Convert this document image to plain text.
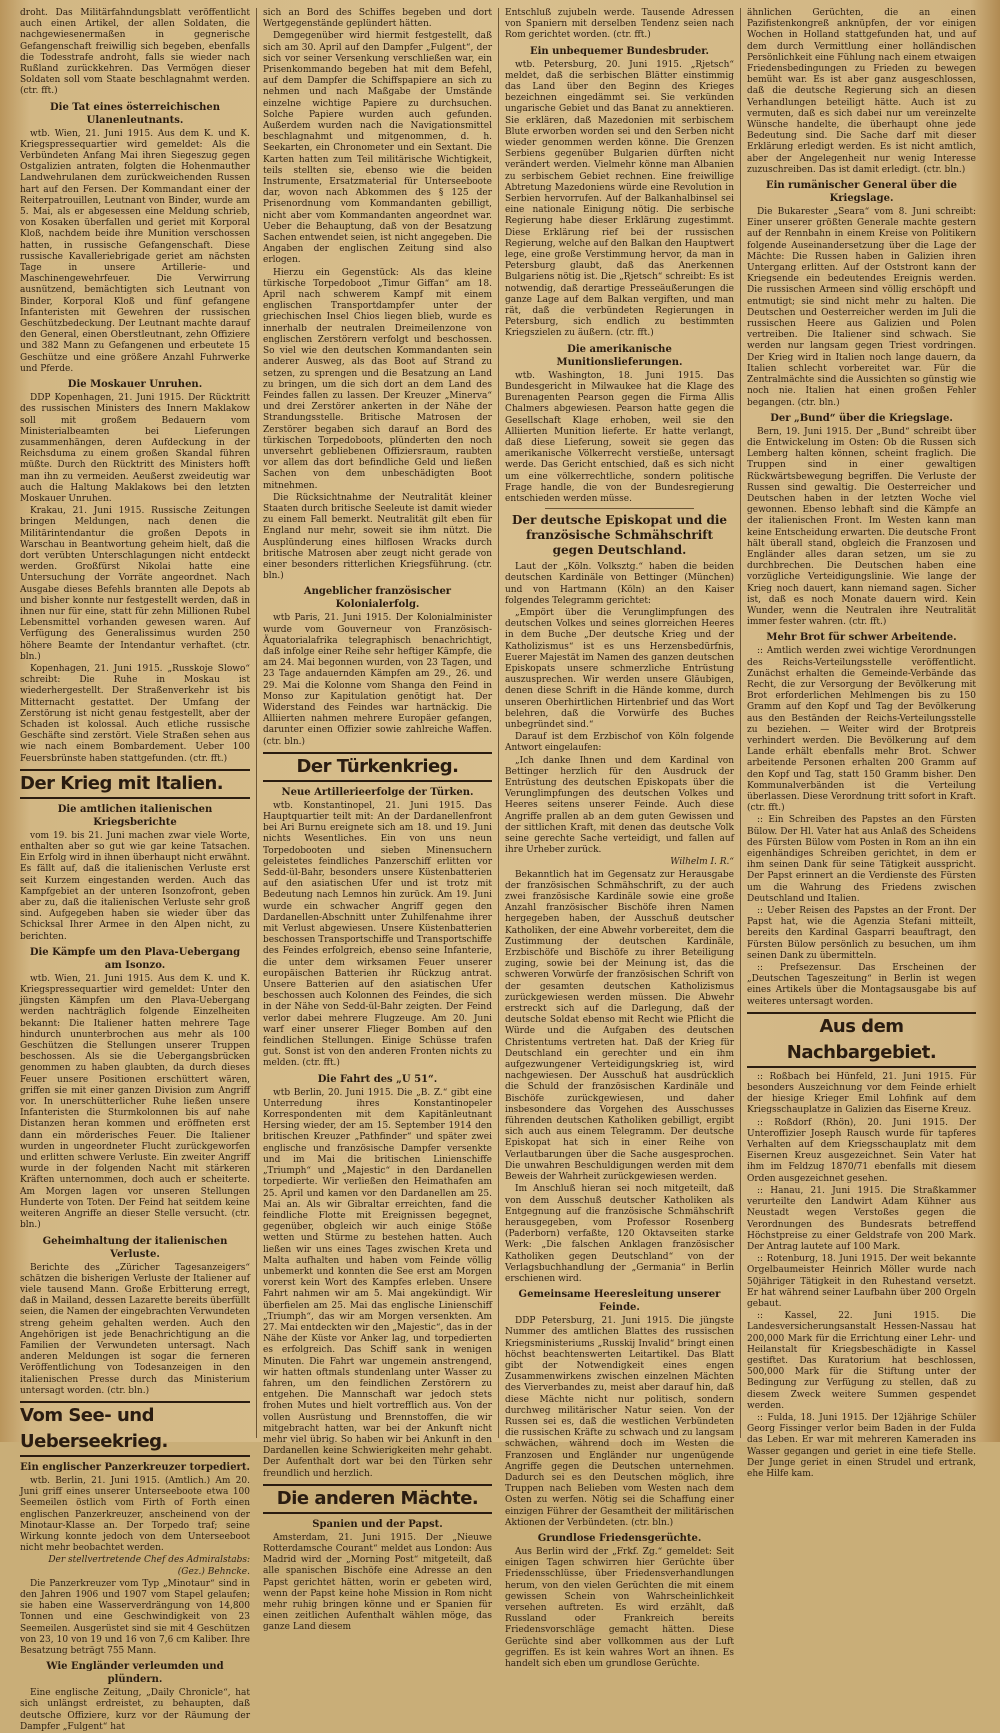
droht. Das Militärfahndungsblatt veröffentlicht auch einen Artikel, der allen Soldaten, die nachgewiesenermaßen in gegnerische Gefangenschaft freiwillig sich begeben, ebenfalls die Todesstrafe androht, falls sie wieder nach Rußland zurückkehren. Das Vermögen dieser Soldaten soll vom Staate beschlagnahmt werden. (ctr. fft.)

Die Tat eines österreichischen Ulanenleutnants.

wtb. Wien, 21. Juni 1915. Aus dem K. und K. Kriegspressequartier wird gemeldet: Als die Verbündeten Anfang Mai ihren Siegeszug gegen Ostgalizien antraten, folgten die Hohenmauther Landwehrulanen dem zurückweichenden Russen hart auf den Fersen. Der Kommandant einer der Reiterpatrouillen, Leutnant von Binder, wurde am 5. Mai, als er abgesessen eine Meldung schrieb, von Kosaken überfallen und geriet mit Korporal Kloß, nachdem beide ihre Munition verschossen hatten, in russische Gefangenschaft. Diese russische Kavalleriebrigade geriet am nächsten Tage in unsere Artillerie- und Maschinengewehrfeuer. Die Verwirrung ausnützend, bemächtigten sich Leutnant von Binder, Korporal Kloß und fünf gefangene Infanteristen mit Gewehren der russischen Geschützbedeckung. Der Leutnant machte darauf den General, einen Oberstleutnant, zehn Offiziere und 382 Mann zu Gefangenen und erbeutete 15 Geschütze und eine größere Anzahl Fuhrwerke und Pferde.

Die Moskauer Unruhen.

DDP Kopenhagen, 21. Juni 1915. Der Rücktritt des russischen Ministers des Innern Maklakow soll mit großem Bedauern vom Ministerialbeamten bei Lieferungen zusammenhängen, deren Aufdeckung in der Reichsduma zu einem großen Skandal führen müßte. Durch den Rücktritt des Ministers hofft man ihn zu vermeiden. Aeußerst zweideutig war auch die Haltung Maklakows bei den letzten Moskauer Unruhen.

Krakau, 21. Juni 1915. Russische Zeitungen bringen Meldungen, nach denen die Militärintendantur die großen Depots in Warschau in Beantwortung geheim hielt, daß die dort verübten Unterschlagungen nicht entdeckt werden. Großfürst Nikolai hatte eine Untersuchung der Vorräte angeordnet. Nach Ausgabe dieses Befehls brannten alle Depots ab und bisher konnte nur festgestellt werden, daß in ihnen nur für eine, statt für zehn Millionen Rubel Lebensmittel vorhanden gewesen waren. Auf Verfügung des Generalissimus wurden 250 höhere Beamte der Intendantur verhaftet. (ctr. bln.)

Kopenhagen, 21. Juni 1915. „Russkoje Slowo“ schreibt: Die Ruhe in Moskau ist wiederhergestellt. Der Straßenverkehr ist bis Mitternacht gestattet. Der Umfang der Zerstörung ist nicht genau festgestellt, aber der Schaden ist kolossal. Auch etliche russische Geschäfte sind zerstört. Viele Straßen sehen aus wie nach einem Bombardement. Ueber 100 Feuersbrünste haben stattgefunden. (ctr. fft.)

Der Krieg mit Italien.
Die amtlichen italienischen Kriegsberichte

vom 19. bis 21. Juni machen zwar viele Worte, enthalten aber so gut wie gar keine Tatsachen. Ein Erfolg wird in ihnen überhaupt nicht erwähnt. Es fällt auf, daß die italienischen Verluste erst seit Kurzem eingestanden werden. Auch das Kampfgebiet an der unteren Isonzofront, geben aber zu, daß die italienischen Verluste sehr groß sind. Aufgegeben haben sie wieder über das Schicksal Ihrer Armee in den Alpen nicht, zu berichten.

Die Kämpfe um den Plava-Uebergang am Isonzo.

wtb. Wien, 21. Juni 1915. Aus dem K. und K. Kriegspressequartier wird gemeldet: Unter den jüngsten Kämpfen um den Plava-Uebergang werden nachträglich folgende Einzelheiten bekannt: Die Italiener hatten mehrere Tage hindurch ununterbrochen aus mehr als 100 Geschützen die Stellungen unserer Truppen beschossen. Als sie die Uebergangsbrücken genommen zu haben glaubten, da durch dieses Feuer unsere Positionen erschüttert wären, griffen sie mit einer ganzen Division zum Angriff vor. In unerschütterlicher Ruhe ließen unsere Infanteristen die Sturmkolonnen bis auf nahe Distanzen heran kommen und eröffneten erst dann ein mörderisches Feuer. Die Italiener wurden in ungeordneter Flucht zurückgeworfen und erlitten schwere Verluste. Ein zweiter Angriff wurde in der folgenden Nacht mit stärkeren Kräften unternommen, doch auch er scheiterte. Am Morgen lagen vor unseren Stellungen Hunderte von Toten. Der Feind hat seitdem keine weiteren Angriffe an dieser Stelle versucht. (ctr. bln.)

Geheimhaltung der italienischen Verluste.

Berichte des „Züricher Tagesanzeigers“ schätzen die bisherigen Verluste der Italiener auf viele tausend Mann. Große Erbitterung erregt, daß in Mailand, dessen Lazarette bereits überfüllt seien, die Namen der eingebrachten Verwundeten streng geheim gehalten werden. Auch den Angehörigen ist jede Benachrichtigung an die Familien der Verwundeten untersagt. Nach anderen Meldungen ist sogar die ferneren Veröffentlichung von Todesanzeigen in den italienischen Presse durch das Ministerium untersagt worden. (ctr. bln.)

Vom See- und Ueberseekrieg.
Ein englischer Panzerkreuzer torpediert.

wtb. Berlin, 21. Juni 1915. (Amtlich.) Am 20. Juni griff eines unserer Unterseeboote etwa 100 Seemeilen östlich vom Firth of Forth einen englischen Panzerkreuzer, anscheinend von der Minotaur-Klasse an. Der Torpedo traf; seine Wirkung konnte jedoch von dem Unterseeboot nicht mehr beobachtet werden.

Der stellvertretende Chef des Admiralstabs: (Gez.) Behncke.

Die Panzerkreuzer vom Typ „Minotaur“ sind in den Jahren 1906 und 1907 vom Stapel gelaufen; sie haben eine Wasserverdrängung von 14,800 Tonnen und eine Geschwindigkeit von 23 Seemeilen. Ausgerüstet sind sie mit 4 Geschützen von 23, 10 von 19 und 16 von 7,6 cm Kaliber. Ihre Besatzung beträgt 755 Mann.

Wie Engländer verleumden und plündern.

Eine englische Zeitung, „Daily Chronicle“, hat sich unlängst erdreistet, zu behaupten, daß deutsche Offiziere, kurz vor der Räumung der Dampfer „Fulgent“ hat

sich an Bord des Schiffes begeben und dort Wertgegenstände geplündert hätten.

Demgegenüber wird hiermit festgestellt, daß sich am 30. April auf den Dampfer „Fulgent“, der sich vor seiner Versenkung verschließen war, ein Prisenkommando begeben hat mit dem Befehl, auf dem Dampfer die Schiffspapiere an sich zu nehmen und nach Maßgabe der Umstände einzelne wichtige Papiere zu durchsuchen. Solche Papiere wurden auch gefunden. Außerdem wurden nach die Navigationsmittel beschlagnahmt und mitgenommen, d. h. Seekarten, ein Chronometer und ein Sextant. Die Karten hatten zum Teil militärische Wichtigkeit, teils stellten sie, ebenso wie die beiden Instrumente, Ersatzmaterial für Unterseeboote dar, wovon nach Abkommen des § 125 der Prisenordnung vom Kommandanten gebilligt, nicht aber vom Kommandanten angeordnet war. Ueber die Behauptung, daß von der Besatzung Sachen entwendet seien, ist nicht angegeben. Die Angaben der englischen Zeitung sind also erlogen.

Hierzu ein Gegenstück: Als das kleine türkische Torpedoboot „Timur Giffan“ am 18. April nach schwerem Kampf mit einem englischen Transportdampfer unter der griechischen Insel Chios liegen blieb, wurde es innerhalb der neutralen Dreimeilenzone von englischen Zerstörern verfolgt und beschossen. So viel wie den deutschen Kommandanten sein anderer Ausweg, als das Boot auf Strand zu setzen, zu sprengen und die Besatzung an Land zu bringen, um die sich dort an dem Land des Feindes fallen zu lassen. Der Kreuzer „Minerva“ und drei Zerstörer ankerten in der Nähe der Strandungsstelle. Britische Matrosen der Zerstörer begaben sich darauf an Bord des türkischen Torpedoboots, plünderten den noch unversehrt gebliebenen Offiziersraum, raubten vor allem das dort befindliche Geld und ließen Sachen von dem unbeschädigten Boot mitnehmen.

Die Rücksichtnahme der Neutralität kleiner Staaten durch britische Seeleute ist damit wieder zu einem Fall bemerkt. Neutralität gilt eben für England nur mehr, soweit sie ihm nützt. Die Ausplünderung eines hilflosen Wracks durch britische Matrosen aber zeugt nicht gerade von einer besonders ritterlichen Kriegsführung. (ctr. bln.)

Angeblicher französischer Kolonialerfolg.

wtb Paris, 21. Juni 1915. Der Kolonialminister wurde vom Gouverneur von Französisch-Äquatorialafrika telegraphisch benachrichtigt, daß infolge einer Reihe sehr heftiger Kämpfe, die am 24. Mai begonnen wurden, von 23 Tagen, und 23 Tage andauernden Kämpfen am 29., 26. und 29. Mai die Kolonne vom Shanga den Feind in Monso zur Kapitulation genötigt hat. Der Widerstand des Feindes war hartnäckig. Die Alliierten nahmen mehrere Europäer gefangen, darunter einen Offizier sowie zahlreiche Waffen. (ctr. bln.)

Der Türkenkrieg.
Neue Artillerieerfolge der Türken.

wtb. Konstantinopel, 21. Juni 1915. Das Hauptquartier teilt mit: An der Dardanellenfront bei Ari Burnu ereignete sich am 18. und 19. Juni nichts Wesentliches. Ein von uns neun Torpedobooten und sieben Minensuchern geleistetes feindliches Panzerschiff erlitten vor Sedd-ül-Bahr, besonders unsere Küstenbatterien auf den asiatischen Ufer und ist trotz mit Bedeutung nach Lemnos hin zurück. Am 19. Juni wurde ein schwacher Angriff gegen den Dardanellen-Abschnitt unter Zuhilfenahme ihrer mit Verlust abgewiesen. Unsere Küstenbatterien beschossen Transportschiffe und Transportschiffe des Feindes erfolgreich, ebenso seine Infanterie, die unter dem wirksamen Feuer unserer europäischen Batterien ihr Rückzug antrat. Unsere Batterien auf den asiatischen Ufer beschossen auch Kolonnen des Feindes, die sich in der Nähe von Sedd-ül-Bahr zeigten. Der Feind verlor dabei mehrere Flugzeuge. Am 20. Juni warf einer unserer Flieger Bomben auf den feindlichen Stellungen. Einige Schüsse trafen gut. Sonst ist von den anderen Fronten nichts zu melden. (ctr. fft.)

Die Fahrt des „U 51“.

wtb Berlin, 20. Juni 1915. Die „B. Z.“ gibt eine Unterredung ihres Konstantinopeler Korrespondenten mit dem Kapitänleutnant Hersing wieder, der am 15. September 1914 den britischen Kreuzer „Pathfinder“ und später zwei englische und französische Dampfer versenkte und im Mai die britischen Linienschiffe „Triumph“ und „Majestic“ in den Dardanellen torpedierte. Wir verließen den Heimathafen am 25. April und kamen vor den Dardanellen am 25. Mai an. Als wir Gibraltar erreichten, fand die feindliche Flotte mit Ereignissen begegnet, gegenüber, obgleich wir auch einige Stöße wetten und Stürme zu bestehen hatten. Auch ließen wir uns eines Tages zwischen Kreta und Malta aufhalten und haben vom Feinde völlig unbemerkt und konnten die See erst am Morgen vorerst kein Wort des Kampfes erleben. Unsere Fahrt nahmen wir am 5. Mai angekündigt. Wir überfielen am 25. Mai das englische Linienschiff „Triumph“, das wir am Morgen versenkten. Am 27. Mai entdeckten wir den „Majestic“, das in der Nähe der Küste vor Anker lag, und torpedierten es erfolgreich. Das Schiff sank in wenigen Minuten. Die Fahrt war ungemein anstrengend, wir hatten oftmals stundenlang unter Wasser zu fahren, um den feindlichen Zerstörern zu entgehen. Die Mannschaft war jedoch stets frohen Mutes und hielt vortrefflich aus. Von der vollen Ausrüstung und Brennstoffen, die wir mitgebracht hatten, war bei der Ankunft nicht mehr viel übrig. So haben wir bei Ankunft in den Dardanellen keine Schwierigkeiten mehr gehabt. Der Aufenthalt dort war bei den Türken sehr freundlich und herzlich.

Die anderen Mächte.
Spanien und der Papst.

Amsterdam, 21. Juni 1915. Der „Nieuwe Rotterdamsche Courant“ meldet aus London: Aus Madrid wird der „Morning Post“ mitgeteilt, daß alle spanischen Bischöfe eine Adresse an den Papst gerichtet hätten, worin er gebeten wird, wenn der Papst keine hohe Mission in Rom nicht mehr ruhig bringen könne und er Spanien für einen zeitlichen Aufenthalt wählen möge, das ganze Land diesem

Entschluß zujubeln werde. Tausende Adressen von Spaniern mit derselben Tendenz seien nach Rom gerichtet worden. (ctr. fft.)

Ein unbequemer Bundesbruder.

wtb. Petersburg, 20. Juni 1915. „Rjetsch“ meldet, daß die serbischen Blätter einstimmig das Land über den Beginn des Krieges bezeichnen eingedämmt sei. Sie verkünden ungarische Gebiet und das Banat zu annektieren. Sie erklären, daß Mazedonien mit serbischem Blute erworben worden sei und den Serben nicht wieder genommen werden könne. Die Grenzen Serbiens gegenüber Bulgarien dürften nicht verändert werden. Vielmehr könne man Albanien zu serbischem Gebiet rechnen. Eine freiwillige Abtretung Mazedoniens würde eine Revolution in Serbien hervorrufen. Auf der Balkanhalbinsel sei eine nationale Einigung nötig. Die serbische Regierung habe dieser Erklärung zugestimmt. Diese Erklärung rief bei der russischen Regierung, welche auf den Balkan den Hauptwert lege, eine große Verstimmung hervor, da man in Petersburg glaubt, daß das Anerkennen Bulgariens nötig ist. Die „Rjetsch“ schreibt: Es ist notwendig, daß derartige Presseäußerungen die ganze Lage auf dem Balkan vergiften, und man rät, daß die verbündeten Regierungen in Petersburg, sich endlich zu bestimmten Kriegszielen zu äußern. (ctr. fft.)

Die amerikanische Munitionslieferungen.

wtb. Washington, 18. Juni 1915. Das Bundesgericht in Milwaukee hat die Klage des Burenagenten Pearson gegen die Firma Allis Chalmers abgewiesen. Pearson hatte gegen die Gesellschaft Klage erhoben, weil sie den Alliierten Munition lieferte. Er hatte verlangt, daß diese Lieferung, soweit sie gegen das amerikanische Völkerrecht verstieße, untersagt werde. Das Gericht entschied, daß es sich nicht um eine völkerrechtliche, sondern politische Frage handle, die von der Bundesregierung entschieden werden müsse.

Der deutsche Episkopat und die französische Schmähschrift gegen Deutschland.

Laut der „Köln. Volksztg.“ haben die beiden deutschen Kardinäle von Bettinger (München) und von Hartmann (Köln) an den Kaiser folgendes Telegramm gerichtet:

„Empört über die Verunglimpfungen des deutschen Volkes und seines glorreichen Heeres in dem Buche „Der deutsche Krieg und der Katholizismus“ ist es uns Herzensbedürfnis, Euerer Majestät im Namen des ganzen deutschen Episkopats unsere schmerzliche Entrüstung auszusprechen. Wir werden unsere Gläubigen, denen diese Schrift in die Hände komme, durch unseren Oberhirtlichen Hirtenbrief und das Wort belehren, daß die Vorwürfe des Buches unbegründet sind.“

Darauf ist dem Erzbischof von Köln folgende Antwort eingelaufen:

„Ich danke Ihnen und dem Kardinal von Bettinger herzlich für den Ausdruck der Entrüstung des deutschen Episkopats über die Verunglimpfungen des deutschen Volkes und Heeres seitens unserer Feinde. Auch diese Angriffe prallen ab an dem guten Gewissen und der sittlichen Kraft, mit denen das deutsche Volk seine gerechte Sache verteidigt, und fallen auf ihre Urheber zurück.

Wilhelm I. R.“

Bekanntlich hat im Gegensatz zur Herausgabe der französischen Schmähschrift, zu der auch zwei französische Kardinäle sowie eine große Anzahl französischer Bischöfe ihren Namen hergegeben haben, der Ausschuß deutscher Katholiken, der eine Abwehr vorbereitet, dem die Zustimmung der deutschen Kardinäle, Erzbischöfe und Bischöfe zu ihrer Beteiligung zuging, sowie bei der Meinung ist, das die schweren Vorwürfe der französischen Schrift von der gesamten deutschen Katholizismus zurückgewiesen werden müssen. Die Abwehr erstreckt sich auf die Darlegung, daß der deutsche Soldat ebenso mit Recht wie Pflicht die Würde und die Aufgaben des deutschen Christentums vertreten hat. Daß der Krieg für Deutschland ein gerechter und ein ihm aufgezwungener Verteidigungskrieg ist, wird nachgewiesen. Der Ausschuß hat ausdrücklich die Schuld der französischen Kardinäle und Bischöfe zurückgewiesen, und daher insbesondere das Vorgehen des Ausschusses führenden deutschen Katholiken gebilligt, ergibt sich auch aus einem Telegramm. Der deutsche Episkopat hat sich in einer Reihe von Verlautbarungen über die Sache ausgesprochen. Die unwahren Beschuldigungen werden mit dem Beweis der Wahrheit zurückgewiesen werden.

Im Anschluß hieran sei noch mitgeteilt, daß von dem Ausschuß deutscher Katholiken als Entgegnung auf die französische Schmähschrift herausgegeben, vom Professor Rosenberg (Paderborn) verfaßte, 120 Oktavseiten starke Werk: „Die falschen Anklagen französischer Katholiken gegen Deutschland“ von der Verlagsbuchhandlung der „Germania“ in Berlin erschienen wird.

Gemeinsame Heeresleitung unserer Feinde.

DDP Petersburg, 21. Juni 1915. Die jüngste Nummer des amtlichen Blattes des russischen Kriegsministeriums „Russkij Invalid“ bringt einen höchst beachtenswerten Leitartikel. Das Blatt gibt der Notwendigkeit eines engen Zusammenwirkens zwischen einzelnen Mächten des Vierverbandes zu, meist aber darauf hin, daß diese Mächte nicht nur politisch, sondern durchweg militärischer Natur seien. Von der Russen sei es, daß die westlichen Verbündeten die russischen Kräfte zu schwach und zu langsam schwächen, während doch im Westen die Franzosen und Engländer nur ungenügende Angriffe gegen die Deutschen unternehmen. Dadurch sei es den Deutschen möglich, ihre Truppen nach Belieben vom Westen nach dem Osten zu werfen. Nötig sei die Schaffung einer einzigen Führer der Gesamtheit der militärischen Aktionen der Verbündeten. (ctr. bln.)

Grundlose Friedensgerüchte.

Aus Berlin wird der „Frkf. Zg.“ gemeldet: Seit einigen Tagen schwirren hier Gerüchte über Friedensschlüsse, über Friedensverhandlungen herum, von den vielen Gerüchten die mit einem gewissen Schein von Wahrscheinlichkeit versehen auftreten. Es wird erzählt, daß Russland oder Frankreich bereits Friedensvorschläge gemacht hätten. Diese Gerüchte sind aber vollkommen aus der Luft gegriffen. Es ist kein wahres Wort an ihnen. Es handelt sich eben um grundlose Gerüchte.

ähnlichen Gerüchten, die an einen Pazifistenkongreß anknüpfen, der vor einigen Wochen in Holland stattgefunden hat, und auf dem durch Vermittlung einer holländischen Persönlichkeit eine Fühlung nach einem etwaigen Friedensbedingungen zu Frieden zu bewegen bemüht war. Es ist aber ganz ausgeschlossen, daß die deutsche Regierung sich an diesen Verhandlungen beteiligt hätte. Auch ist zu vermuten, daß es sich dabei nur um vereinzelte Wünsche handelte, die überhaupt ohne jede Bedeutung sind. Die Sache darf mit dieser Erklärung erledigt werden. Es ist nicht amtlich, aber der Angelegenheit nur wenig Interesse zuzuschreiben. Das ist damit erledigt. (ctr. bln.)

Ein rumänischer General über die Kriegslage.

Die Bukarester „Seara“ vom 8. Juni schreibt: Einer unserer größten Generale machte gestern auf der Rennbahn in einem Kreise von Politikern folgende Auseinandersetzung über die Lage der Mächte: Die Russen haben in Galizien ihren Untergang erlitten. Auf der Oststront kann der Kriegsende ein bedeutendes Ereignis werden. Die russischen Armeen sind völlig erschöpft und entmutigt; sie sind nicht mehr zu halten. Die Deutschen und Oesterreicher werden im Juli die russischen Heere aus Galizien und Polen vertreiben. Die Italiener sind schwach. Sie werden nur langsam gegen Triest vordringen. Der Krieg wird in Italien noch lange dauern, da Italien schlecht vorbereitet war. Für die Zentralmächte sind die Aussichten so günstig wie noch nie. Italien hat einen großen Fehler begangen. (ctr. bln.)

Der „Bund“ über die Kriegslage.

Bern, 19. Juni 1915. Der „Bund“ schreibt über die Entwickelung im Osten: Ob die Russen sich Lemberg halten können, scheint fraglich. Die Truppen sind in einer gewaltigen Rückwärtsbewegung begriffen. Die Verluste der Russen sind gewaltig. Die Oesterreicher und Deutschen haben in der letzten Woche viel gewonnen. Ebenso lebhaft sind die Kämpfe an der italienischen Front. Im Westen kann man keine Entscheidung erwarten. Die deutsche Front hält überall stand, obgleich die Franzosen und Engländer alles daran setzen, um sie zu durchbrechen. Die Deutschen haben eine vorzügliche Verteidigungslinie. Wie lange der Krieg noch dauert, kann niemand sagen. Sicher ist, daß es noch Monate dauern wird. Kein Wunder, wenn die Neutralen ihre Neutralität immer fester wahren. (ctr. fft.)

Mehr Brot für schwer Arbeitende.

:: Amtlich werden zwei wichtige Verordnungen des Reichs-Verteilungsstelle veröffentlicht. Zunächst erhalten die Gemeinde-Verbände das Recht, die zur Versorgung der Bevölkerung mit Brot erforderlichen Mehlmengen bis zu 150 Gramm auf den Kopf und Tag der Bevölkerung aus den Beständen der Reichs-Verteilungsstelle zu beziehen. — Weiter wird der Brotpreis verhindert werden. Die Bevölkerung auf dem Lande erhält ebenfalls mehr Brot. Schwer arbeitende Personen erhalten 200 Gramm auf den Kopf und Tag, statt 150 Gramm bisher. Den Kommunalverbänden ist die Verteilung überlassen. Diese Verordnung tritt sofort in Kraft. (ctr. fft.)

:: Ein Schreiben des Papstes an den Fürsten Bülow. Der Hl. Vater hat aus Anlaß des Scheidens des Fürsten Bülow vom Posten in Rom an ihn ein eigenhändiges Schreiben gerichtet, in dem er ihm seinen Dank für seine Tätigkeit ausspricht. Der Papst erinnert an die Verdienste des Fürsten um die Wahrung des Friedens zwischen Deutschland und Italien.

:: Ueber Reisen des Papstes an der Front. Der Papst hat, wie die Agenzia Stefani mitteilt, bereits den Kardinal Gasparri beauftragt, den Fürsten Bülow persönlich zu besuchen, um ihm seinen Dank zu übermitteln.

:: Prefsezensur. Das Erscheinen der „Deutschen Tageszeitung“ in Berlin ist wegen eines Artikels über die Montagsausgabe bis auf weiteres untersagt worden.

Aus dem Nachbargebiet.

:: Roßbach bei Hünfeld, 21. Juni 1915. Für besonders Auszeichnung vor dem Feinde erhielt der hiesige Krieger Emil Lohfink auf dem Kriegsschauplatze in Galizien das Eiserne Kreuz.

:: Roßdorf (Rhön), 20. Juni 1915. Der Unteroffizier Joseph Rausch wurde für tapferes Verhalten auf dem Kriegsschauplatz mit dem Eisernen Kreuz ausgezeichnet. Sein Vater hat ihm im Feldzug 1870/71 ebenfalls mit diesem Orden ausgezeichnet gesehen.

:: Hanau, 21. Juni 1915. Die Straßkammer verurteilte den Landwirt Adam Kühner aus Neustadt wegen Verstoßes gegen die Verordnungen des Bundesrats betreffend Höchstpreise zu einer Geldstrafe von 200 Mark. Der Antrag lautete auf 100 Mark.

:: Rotenburg, 18. Juni 1915. Der weit bekannte Orgelbaumeister Heinrich Möller wurde nach 50jähriger Tätigkeit in den Ruhestand versetzt. Er hat während seiner Laufbahn über 200 Orgeln gebaut.

:: Kassel, 22. Juni 1915. Die Landesversicherungsanstalt Hessen-Nassau hat 200,000 Mark für die Errichtung einer Lehr- und Heilanstalt für Kriegsbeschädigte in Kassel gestiftet. Das Kuratorium hat beschlossen, 500,000 Mark für die Stiftung unter der Bedingung zur Verfügung zu stellen, daß zu diesem Zweck weitere Summen gespendet werden.

:: Fulda, 18. Juni 1915. Der 12jährige Schüler Georg Fissinger verlor beim Baden in der Fulda das Leben. Er war mit mehreren Kameraden ins Wasser gegangen und geriet in eine tiefe Stelle. Der Junge geriet in einen Strudel und ertrank, ehe Hilfe kam.
